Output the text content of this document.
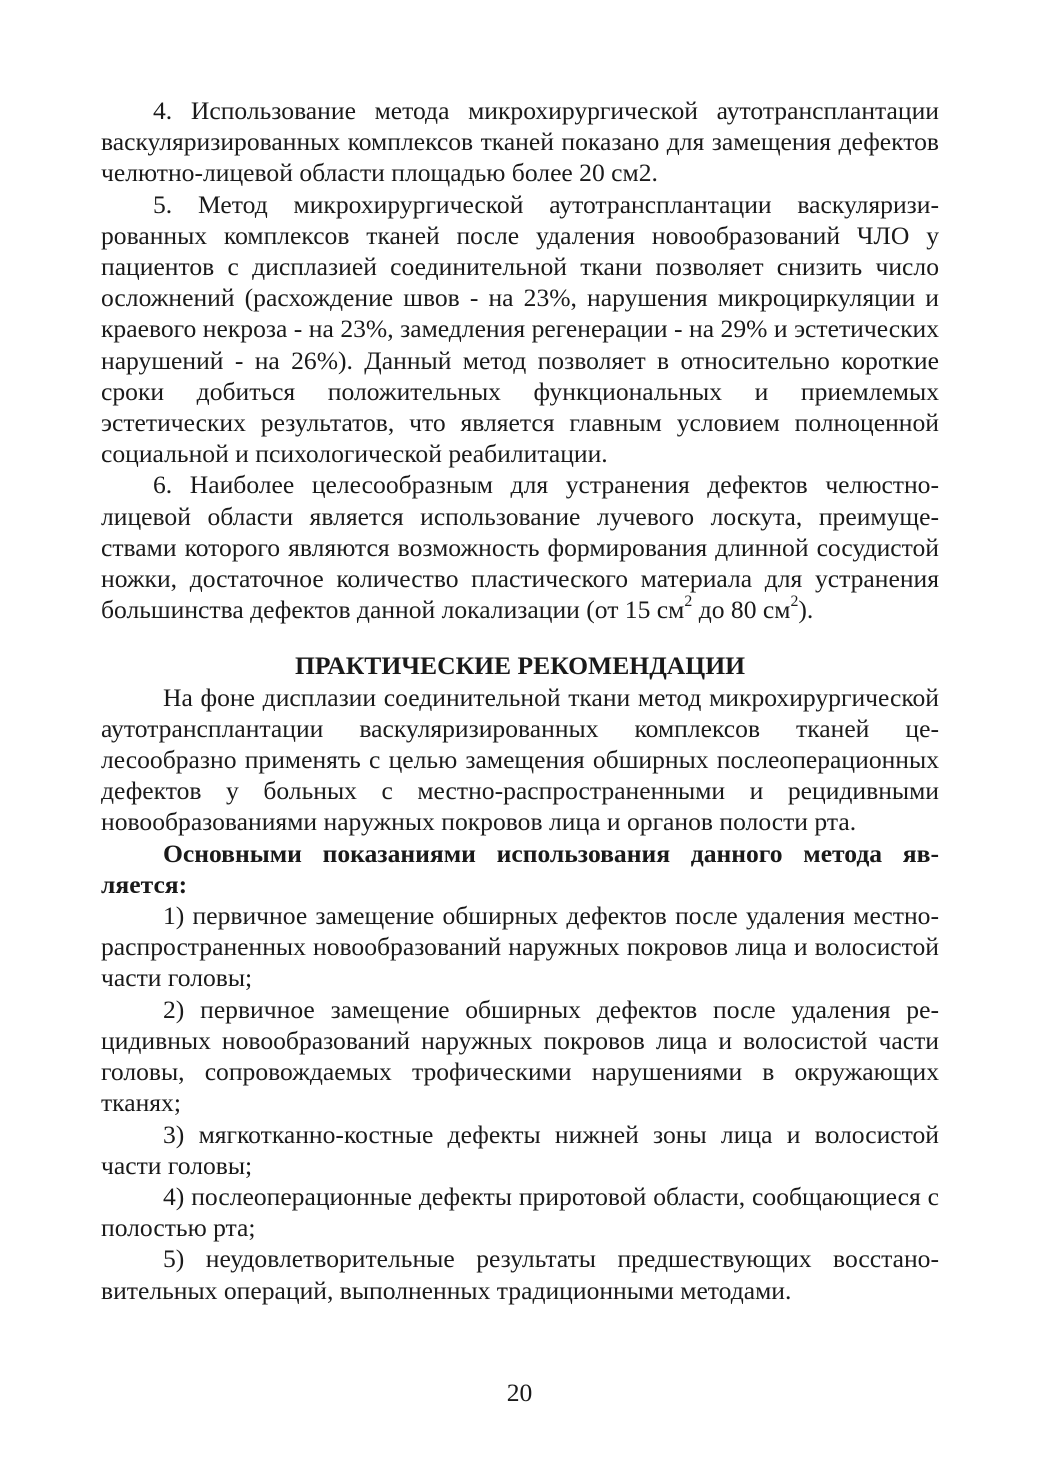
4. Использование метода микрохирургической аутотрансплантации васкуляризированных комплексов тканей показано для замещения дефектов челютно-лицевой области площадью более 20 см2.

5. Метод микрохирургической аутотрансплантации васкуляризированных комплексов тканей после удаления новообразований ЧЛО у пациентов с дисплазией соединительной ткани позволяет снизить число осложнений (расхождение швов - на 23%, нарушения микроциркуляции и краевого некроза - на 23%, замедления регенерации - на 29% и эстетических нарушений - на 26%). Данный метод позволяет в относительно короткие сроки добиться положительных функциональных и приемлемых эстетических результатов, что является главным условием полноценной социальной и психологической реабилитации.

6. Наиболее целесообразным для устранения дефектов челюстно-лицевой области является использование лучевого лоскута, преимуществами которого являются возможность формирования длинной сосудистой ножки, достаточное количество пластического материала для устранения большинства дефектов данной локализации (от 15 $см^2$ до 80 $см^2$).

ПРАКТИЧЕСКИЕ РЕКОМЕНДАЦИИ

На фоне дисплазии соединительной ткани метод микрохирургической аутотрансплантации васкуляризированных комплексов тканей целесообразно применять с целью замещения обширных послеоперационных дефектов у больных с местно-распространенными и рецидивными новообразованиями наружных покровов лица и органов полости рта.

Основными показаниями использования данного метода является:

1) первичное замещение обширных дефектов после удаления местно-распространенных новообразований наружных покровов лица и волосистой части головы;

2) первичное замещение обширных дефектов после удаления рецидивных новообразований наружных покровов лица и волосистой части головы, сопровождаемых трофическими нарушениями в окружающих тканях;

3) мягкотканно-костные дефекты нижней зоны лица и волосистой части головы;

4) послеоперационные дефекты приротовой области, сообщающиеся с полостью рта;

5) неудовлетворительные результаты предшествующих восстановительных операций, выполненных традиционными методами.

20
